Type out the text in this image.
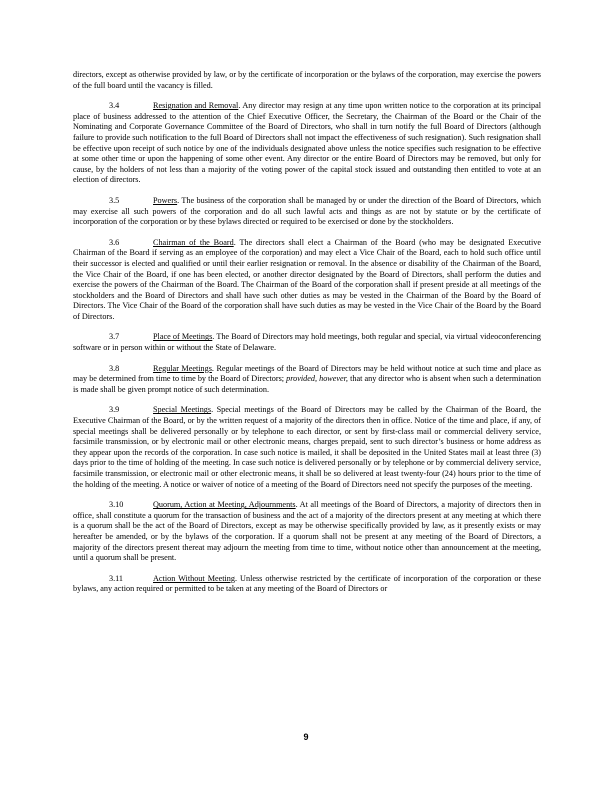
directors, except as otherwise provided by law, or by the certificate of incorporation or the bylaws of the corporation, may exercise the powers of the full board until the vacancy is filled.

3.4	Resignation and Removal. Any director may resign at any time upon written notice to the corporation at its principal place of business addressed to the attention of the Chief Executive Officer, the Secretary, the Chairman of the Board or the Chair of the Nominating and Corporate Governance Committee of the Board of Directors, who shall in turn notify the full Board of Directors (although failure to provide such notification to the full Board of Directors shall not impact the effectiveness of such resignation). Such resignation shall be effective upon receipt of such notice by one of the individuals designated above unless the notice specifies such resignation to be effective at some other time or upon the happening of some other event. Any director or the entire Board of Directors may be removed, but only for cause, by the holders of not less than a majority of the voting power of the capital stock issued and outstanding then entitled to vote at an election of directors.

3.5	Powers. The business of the corporation shall be managed by or under the direction of the Board of Directors, which may exercise all such powers of the corporation and do all such lawful acts and things as are not by statute or by the certificate of incorporation of the corporation or by these bylaws directed or required to be exercised or done by the stockholders.

3.6	Chairman of the Board. The directors shall elect a Chairman of the Board (who may be designated Executive Chairman of the Board if serving as an employee of the corporation) and may elect a Vice Chair of the Board, each to hold such office until their successor is elected and qualified or until their earlier resignation or removal. In the absence or disability of the Chairman of the Board, the Vice Chair of the Board, if one has been elected, or another director designated by the Board of Directors, shall perform the duties and exercise the powers of the Chairman of the Board. The Chairman of the Board of the corporation shall if present preside at all meetings of the stockholders and the Board of Directors and shall have such other duties as may be vested in the Chairman of the Board by the Board of Directors. The Vice Chair of the Board of the corporation shall have such duties as may be vested in the Vice Chair of the Board by the Board of Directors.

3.7	Place of Meetings. The Board of Directors may hold meetings, both regular and special, via virtual videoconferencing software or in person within or without the State of Delaware.

3.8	Regular Meetings. Regular meetings of the Board of Directors may be held without notice at such time and place as may be determined from time to time by the Board of Directors; provided, however, that any director who is absent when such a determination is made shall be given prompt notice of such determination.

3.9	Special Meetings. Special meetings of the Board of Directors may be called by the Chairman of the Board, the Executive Chairman of the Board, or by the written request of a majority of the directors then in office. Notice of the time and place, if any, of special meetings shall be delivered personally or by telephone to each director, or sent by first-class mail or commercial delivery service, facsimile transmission, or by electronic mail or other electronic means, charges prepaid, sent to such director’s business or home address as they appear upon the records of the corporation. In case such notice is mailed, it shall be deposited in the United States mail at least three (3) days prior to the time of holding of the meeting. In case such notice is delivered personally or by telephone or by commercial delivery service, facsimile transmission, or electronic mail or other electronic means, it shall be so delivered at least twenty-four (24) hours prior to the time of the holding of the meeting. A notice or waiver of notice of a meeting of the Board of Directors need not specify the purposes of the meeting.

3.10	Quorum, Action at Meeting, Adjournments. At all meetings of the Board of Directors, a majority of directors then in office, shall constitute a quorum for the transaction of business and the act of a majority of the directors present at any meeting at which there is a quorum shall be the act of the Board of Directors, except as may be otherwise specifically provided by law, as it presently exists or may hereafter be amended, or by the bylaws of the corporation. If a quorum shall not be present at any meeting of the Board of Directors, a majority of the directors present thereat may adjourn the meeting from time to time, without notice other than announcement at the meeting, until a quorum shall be present.

3.11	Action Without Meeting. Unless otherwise restricted by the certificate of incorporation of the corporation or these bylaws, any action required or permitted to be taken at any meeting of the Board of Directors or

9
